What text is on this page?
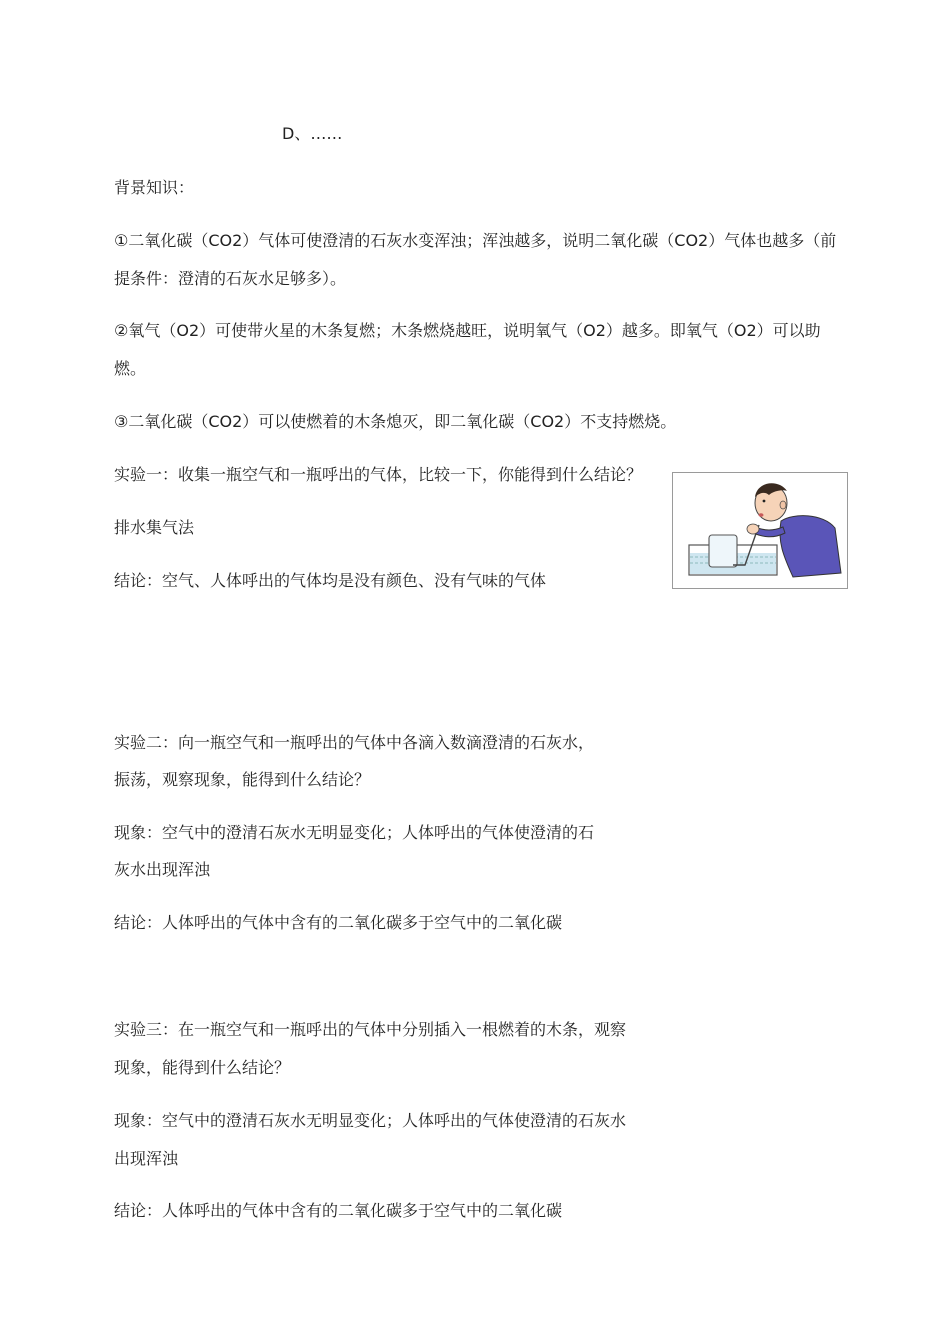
D、……
背景知识：
①二氧化碳（CO2）气体可使澄清的石灰水变浑浊；浑浊越多，说明二氧化碳（CO2）气体也越多（前
提条件：澄清的石灰水足够多）。
②氧气（O2）可使带火星的木条复燃；木条燃烧越旺，说明氧气（O2）越多。即氧气（O2）可以助
燃。
③二氧化碳（CO2）可以使燃着的木条熄灭，即二氧化碳（CO2）不支持燃烧。
实验一：收集一瓶空气和一瓶呼出的气体，比较一下，你能得到什么结论？
排水集气法
结论：空气、人体呼出的气体均是没有颜色、没有气味的气体
实验二：向一瓶空气和一瓶呼出的气体中各滴入数滴澄清的石灰水，
振荡，观察现象，能得到什么结论？
现象：空气中的澄清石灰水无明显变化；人体呼出的气体使澄清的石
灰水出现浑浊
结论：人体呼出的气体中含有的二氧化碳多于空气中的二氧化碳
实验三：在一瓶空气和一瓶呼出的气体中分别插入一根燃着的木条，观察
现象，能得到什么结论？
现象：空气中的澄清石灰水无明显变化；人体呼出的气体使澄清的石灰水
出现浑浊
结论：人体呼出的气体中含有的二氧化碳多于空气中的二氧化碳
